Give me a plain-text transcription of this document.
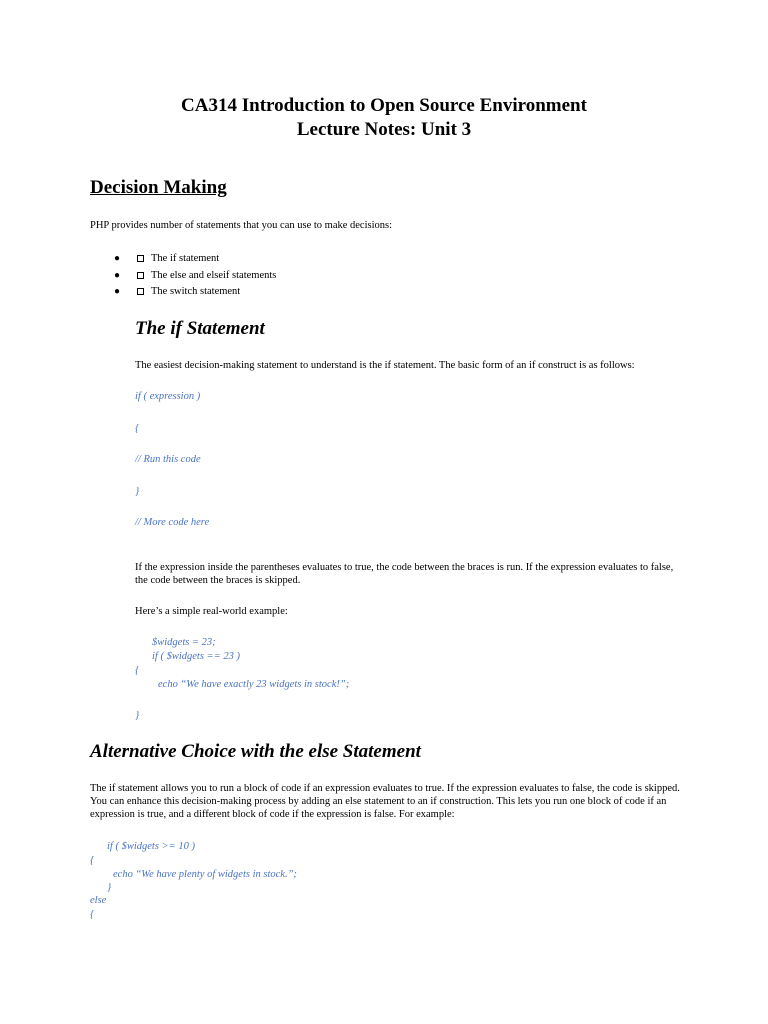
CA314 Introduction to Open Source Environment
Lecture Notes: Unit 3
Decision Making

PHP provides number of statements that you can use to make decisions:

●	The if statement
●	The else and elseif statements
●	The switch statement
The if Statement

The easiest decision-making statement to understand is the if statement. The basic form of an if construct is as follows:

if ( expression )
{
// Run this code
}
// More code here

If the expression inside the parentheses evaluates to true, the code between the braces is run. If the expression evaluates to false, the code between the braces is skipped.

Here’s a simple real-world example:

$widgets = 23;
if ( $widgets == 23 )
{
echo “We have exactly 23 widgets in stock!”;
}
Alternative Choice with the else Statement

The if statement allows you to run a block of code if an expression evaluates to true. If the expression evaluates to false, the code is skipped. You can enhance this decision-making process by adding an else statement to an if construction. This lets you run one block of code if an expression is true, and a different block of code if the expression is false. For example:

if ( $widgets >= 10 )
{
echo “We have plenty of widgets in stock.”;
}
else
{
